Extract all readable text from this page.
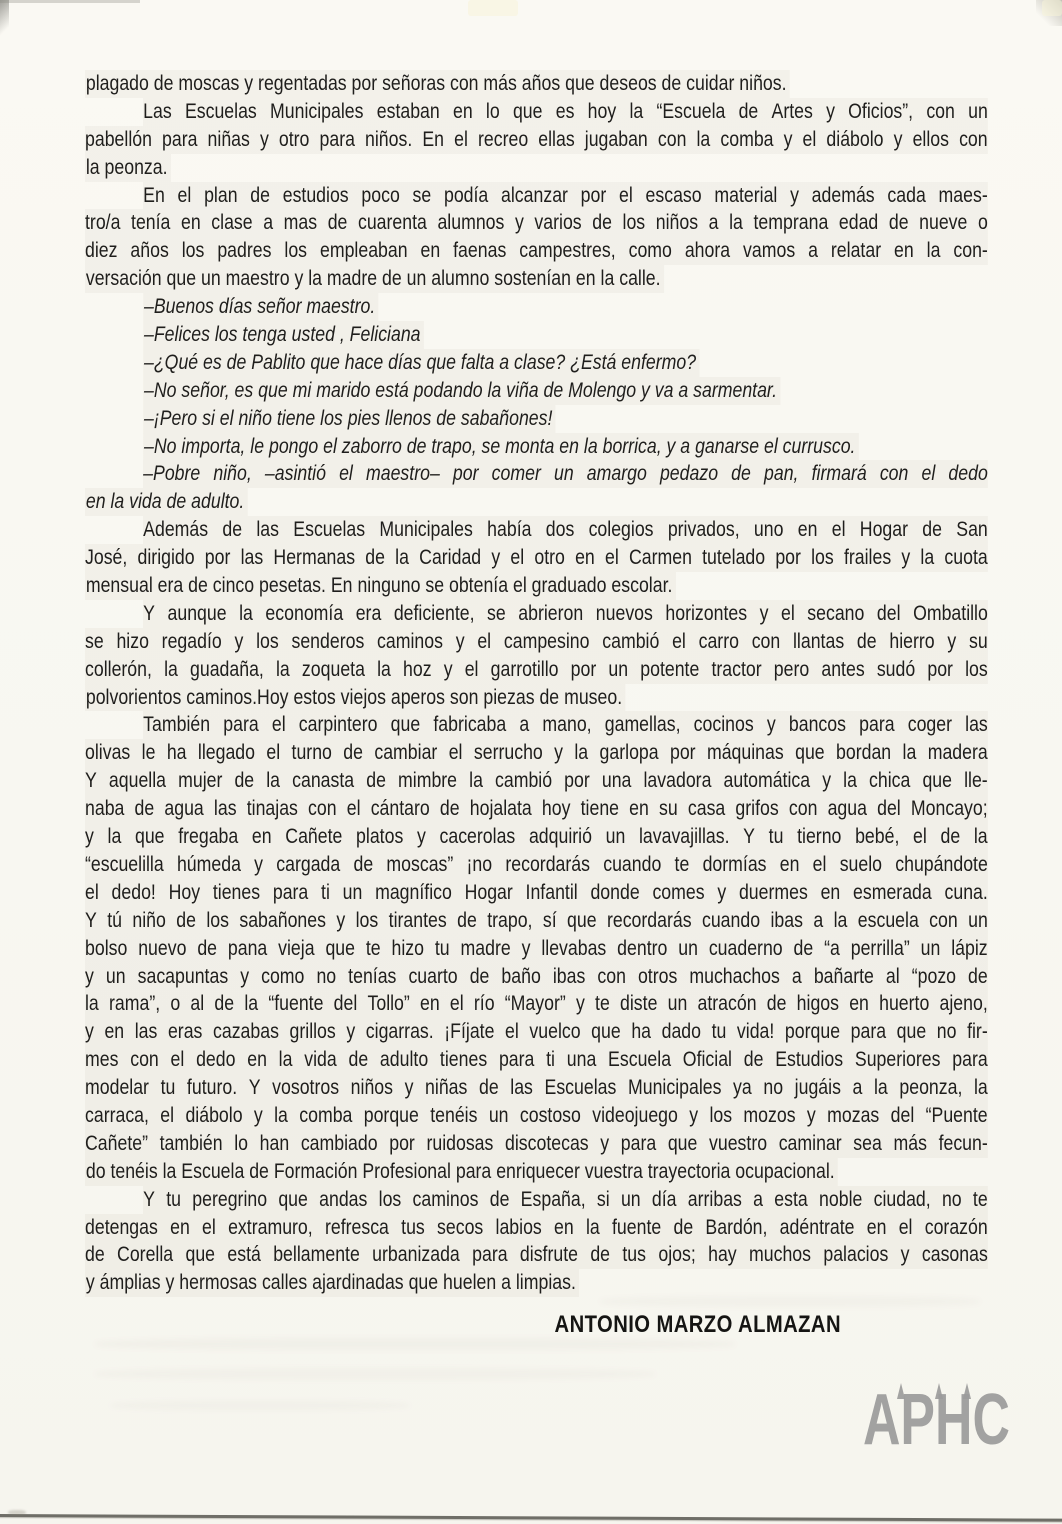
plagado de moscas y regentadas por señoras con más años que deseos de cuidar niños.
Las Escuelas Municipales estaban en lo que es hoy la “Escuela de Artes y Oficios”, con un
pabellón para niñas y otro para niños. En el recreo ellas jugaban con la comba y el diábolo y ellos con
la peonza.
En el plan de estudios poco se podía alcanzar por el escaso material y además cada maes-
tro/a tenía en clase a mas de cuarenta alumnos y varios de los niños a la temprana edad de nueve o
diez años los padres los empleaban en faenas campestres, como ahora vamos a relatar en la con-
versación que un maestro y la madre de un alumno sostenían en la calle.
–Buenos días señor maestro.
–Felices los tenga usted , Feliciana
–¿Qué es de Pablito que hace días que falta a clase? ¿Está enfermo?
–No señor, es que mi marido está podando la viña de Molengo y va a sarmentar.
–¡Pero si el niño tiene los pies llenos de sabañones!
–No importa, le pongo el zaborro de trapo, se monta en la borrica, y a ganarse el currusco.
–Pobre niño, –asintió el maestro– por comer un amargo pedazo de pan, firmará con el dedo
en la vida de adulto.
Además de las Escuelas Municipales había dos colegios privados, uno en el Hogar de San
José, dirigido por las Hermanas de la Caridad y el otro en el Carmen tutelado por los frailes y la cuota
mensual era de cinco pesetas. En ninguno se obtenía el graduado escolar.
Y aunque la economía era deficiente, se abrieron nuevos horizontes y el secano del Ombatillo
se hizo regadío y los senderos caminos y el campesino cambió el carro con llantas de hierro y su
collerón, la guadaña, la zoqueta la hoz y el garrotillo por un potente tractor pero antes sudó por los
polvorientos caminos.Hoy estos viejos aperos son piezas de museo.
También para el carpintero que fabricaba a mano, gamellas, cocinos y bancos para coger las
olivas le ha llegado el turno de cambiar el serrucho y la garlopa por máquinas que bordan la madera
Y aquella mujer de la canasta de mimbre la cambió por una lavadora automática y la chica que lle-
naba de agua las tinajas con el cántaro de hojalata hoy tiene en su casa grifos con agua del Moncayo;
y la que fregaba en Cañete platos y cacerolas adquirió un lavavajillas. Y tu tierno bebé, el de la
“escuelilla húmeda y cargada de moscas” ¡no recordarás cuando te dormías en el suelo chupándote
el dedo! Hoy tienes para ti un magnífico Hogar Infantil donde comes y duermes en esmerada cuna.
Y tú niño de los sabañones y los tirantes de trapo, sí que recordarás cuando ibas a la escuela con un
bolso nuevo de pana vieja que te hizo tu madre y llevabas dentro un cuaderno de “a perrilla” un lápiz
y un sacapuntas y como no tenías cuarto de baño ibas con otros muchachos a bañarte al “pozo de
la rama”, o al de la “fuente del Tollo” en el río “Mayor” y te diste un atracón de higos en huerto ajeno,
y en las eras cazabas grillos y cigarras. ¡Fíjate el vuelco que ha dado tu vida! porque para que no fir-
mes con el dedo en la vida de adulto tienes para ti una Escuela Oficial de Estudios Superiores para
modelar tu futuro. Y vosotros niños y niñas de las Escuelas Municipales ya no jugáis a la peonza, la
carraca, el diábolo y la comba porque tenéis un costoso videojuego y los mozos y mozas del “Puente
Cañete” también lo han cambiado por ruidosas discotecas y para que vuestro caminar sea más fecun-
do tenéis la Escuela de Formación Profesional para enriquecer vuestra trayectoria ocupacional.
Y tu peregrino que andas los caminos de España, si un día arribas a esta noble ciudad, no te
detengas en el extramuro, refresca tus secos labios en la fuente de Bardón, adéntrate en el corazón
de Corella que está bellamente urbanizada para disfrute de tus ojos; hay muchos palacios y casonas
y ámplias y hermosas calles ajardinadas que huelen a limpias.
ANTONIO MARZO ALMAZAN
APHC
